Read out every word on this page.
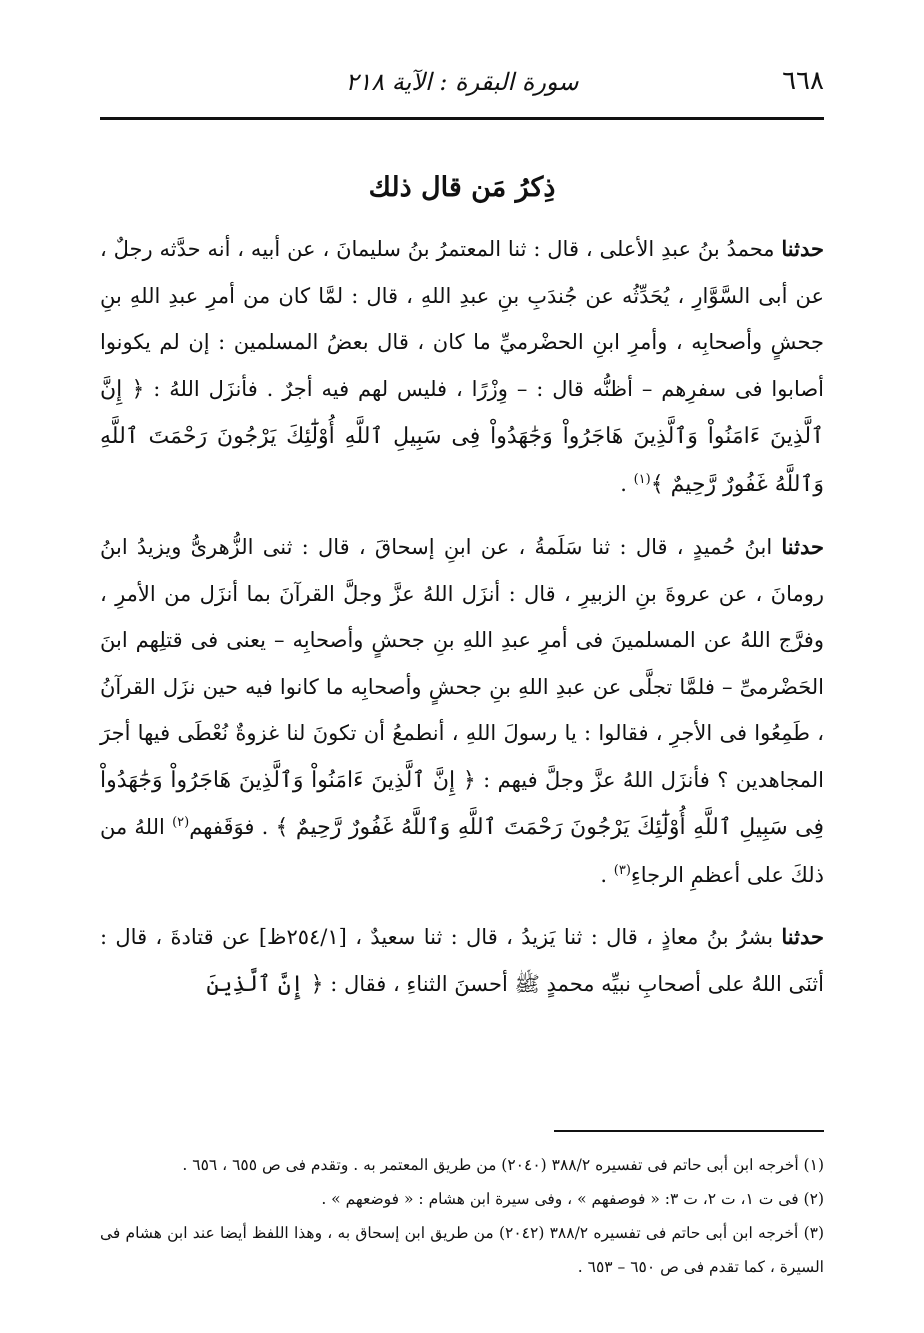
٦٦٨
سورة البقرة : الآية ٢١٨
ذِكرُ مَن قال ذلك

حدثنا محمدُ بنُ عبدِ الأعلى ، قال : ثنا المعتمرُ بنُ سليمانَ ، عن أبيه ، أنه حدَّثه رجلٌ ، عن أبى السَّوَّارِ ، يُحَدِّثُه عن جُندَبِ بنِ عبدِ اللهِ ، قال : لمَّا كان من أمرِ عبدِ اللهِ بنِ جحشٍ وأصحابِه ، وأمرِ ابنِ الحضْرميِّ ما كان ، قال بعضُ المسلمين : إن لم يكونوا أصابوا فى سفرِهم – أظنُّه قال : – وِزْرًا ، فليس لهم فيه أجرٌ . فأنزَل اللهُ : ﴿ إِنَّ ٱلَّذِينَ ءَامَنُواْ وَٱلَّذِينَ هَاجَرُواْ وَجَٰهَدُواْ فِى سَبِيلِ ٱللَّهِ أُوْلَٰٓئِكَ يَرْجُونَ رَحْمَتَ ٱللَّهِ وَٱللَّهُ غَفُورٌ رَّحِيمٌ ﴾$^{(١)}$ .

حدثنا ابنُ حُميدٍ ، قال : ثنا سَلَمةُ ، عن ابنِ إسحاقَ ، قال : ثنى الزُّهرىُّ ويزيدُ ابنُ رومانَ ، عن عروةَ بنِ الزبيرِ ، قال : أنزَل اللهُ عزَّ وجلَّ القرآنَ بما أنزَل من الأمرِ ، وفرَّج اللهُ عن المسلمينَ فى أمرِ عبدِ اللهِ بنِ جحشٍ وأصحابِه – يعنى فى قتلِهم ابنَ الحَضْرمىِّ – فلمَّا تجلَّى عن عبدِ اللهِ بنِ جحشٍ وأصحابِه ما كانوا فيه حين نزَل القرآنُ ، طَمِعُوا فى الأجرِ ، فقالوا : يا رسولَ اللهِ ، أنطمعُ أن تكونَ لنا غزوةٌ نُعْطَى فيها أجرَ المجاهدين ؟ فأنزَل اللهُ عزَّ وجلَّ فيهم : ﴿ إِنَّ ٱلَّذِينَ ءَامَنُواْ وَٱلَّذِينَ هَاجَرُواْ وَجَٰهَدُواْ فِى سَبِيلِ ٱللَّهِ أُوْلَٰٓئِكَ يَرْجُونَ رَحْمَتَ ٱللَّهِ وَٱللَّهُ غَفُورٌ رَّحِيمٌ ﴾ . فوَقَفهم$^{(٢)}$ اللهُ من ذلكَ على أعظمِ الرجاءِ$^{(٣)}$ .

حدثنا بشرُ بنُ معاذٍ ، قال : ثنا يَزيدُ ، قال : ثنا سعيدٌ ، [٢٥٤/١ظ] عن قتادةَ ، قال : أثنَى اللهُ على أصحابِ نبيِّه محمدٍ ﷺ أحسنَ الثناءِ ، فقال : ﴿ إِنَّ ٱلَّذِينَ

(١) أخرجه ابن أبى حاتم فى تفسيره ٣٨٨/٢ (٢٠٤٠) من طريق المعتمر به . وتقدم فى ص ٦٥٥ ، ٦٥٦ .

(٢) فى ت ١، ت ٢، ت ٣: « فوصفهم » ، وفى سيرة ابن هشام : « فوضعهم » .

(٣) أخرجه ابن أبى حاتم فى تفسيره ٣٨٨/٢ (٢٠٤٢) من طريق ابن إسحاق به ، وهذا اللفظ أيضا عند ابن هشام فى السيرة ، كما تقدم فى ص ٦٥٠ – ٦٥٣ .
